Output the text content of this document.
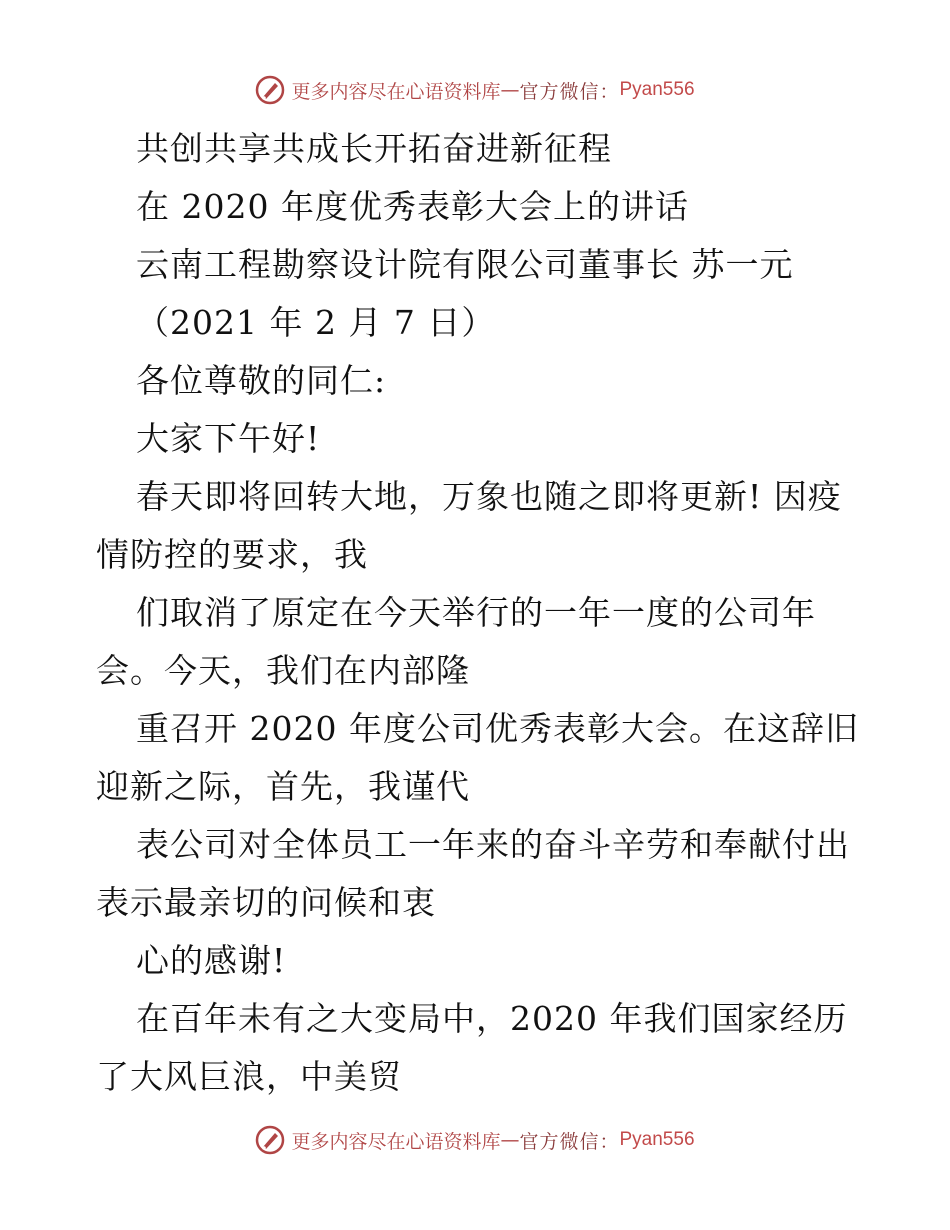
更多内容尽在心语资料库 — 官方微信： Pyan556
共创共享共成长开拓奋进新征程
在 2020 年度优秀表彰大会上的讲话
云南工程勘察设计院有限公司董事长 苏一元
（2021 年 2 月 7 日）
各位尊敬的同仁:
大家下午好!
春天即将回转大地，万象也随之即将更新! 因疫
情防控的要求，我
们取消了原定在今天举行的一年一度的公司年
会。今天，我们在内部隆
重召开 2020 年度公司优秀表彰大会。在这辞旧
迎新之际，首先，我谨代
表公司对全体员工一年来的奋斗辛劳和奉献付出
表示最亲切的问候和衷
心的感谢!
在百年未有之大变局中，2020 年我们国家经历
了大风巨浪，中美贸
更多内容尽在心语资料库 — 官方微信： Pyan556
